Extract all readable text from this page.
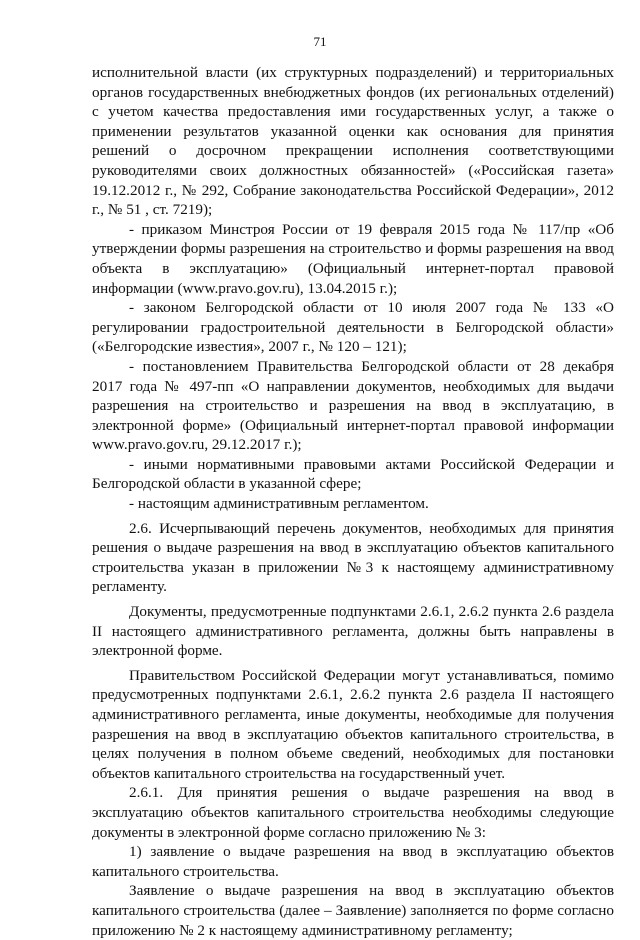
71

исполнительной власти (их структурных подразделений) и территориальных органов государственных внебюджетных фондов (их региональных отделений) с учетом качества предоставления ими государственных услуг, а также о применении результатов указанной оценки как основания для принятия решений о досрочном прекращении исполнения соответствующими руководителями своих должностных обязанностей» («Российская газета» 19.12.2012 г., № 292, Собрание законодательства Российской Федерации», 2012 г., № 51 , ст. 7219);

- приказом Минстроя России от 19 февраля 2015 года № 117/пр «Об утверждении формы разрешения на строительство и формы разрешения на ввод объекта в эксплуатацию» (Официальный интернет-портал правовой информации (www.pravo.gov.ru), 13.04.2015 г.);

- законом Белгородской области от 10 июля 2007 года № 133 «О регулировании градостроительной деятельности в Белгородской области» («Белгородские известия», 2007 г., № 120 – 121);

- постановлением Правительства Белгородской области от 28 декабря 2017 года № 497-пп «О направлении документов, необходимых для выдачи разрешения на строительство и разрешения на ввод в эксплуатацию, в электронной форме» (Официальный интернет-портал правовой информации www.pravo.gov.ru, 29.12.2017 г.);

- иными нормативными правовыми актами Российской Федерации и Белгородской области в указанной сфере;

- настоящим административным регламентом.

2.6. Исчерпывающий перечень документов, необходимых для принятия решения о выдаче разрешения на ввод в эксплуатацию объектов капитального строительства указан в приложении №3 к настоящему административному регламенту.

Документы, предусмотренные подпунктами 2.6.1, 2.6.2 пункта 2.6 раздела II настоящего административного регламента, должны быть направлены в электронной форме.

Правительством Российской Федерации могут устанавливаться, помимо предусмотренных подпунктами 2.6.1, 2.6.2 пункта 2.6 раздела II настоящего административного регламента, иные документы, необходимые для получения разрешения на ввод в эксплуатацию объектов капитального строительства, в целях получения в полном объеме сведений, необходимых для постановки объектов капитального строительства на государственный учет.

2.6.1. Для принятия решения о выдаче разрешения на ввод в эксплуатацию объектов капитального строительства необходимы следующие документы в электронной форме согласно приложению № 3:

1) заявление о выдаче разрешения на ввод в эксплуатацию объектов капитального строительства.

Заявление о выдаче разрешения на ввод в эксплуатацию объектов капитального строительства (далее – Заявление) заполняется по форме согласно приложению № 2 к настоящему административному регламенту;
